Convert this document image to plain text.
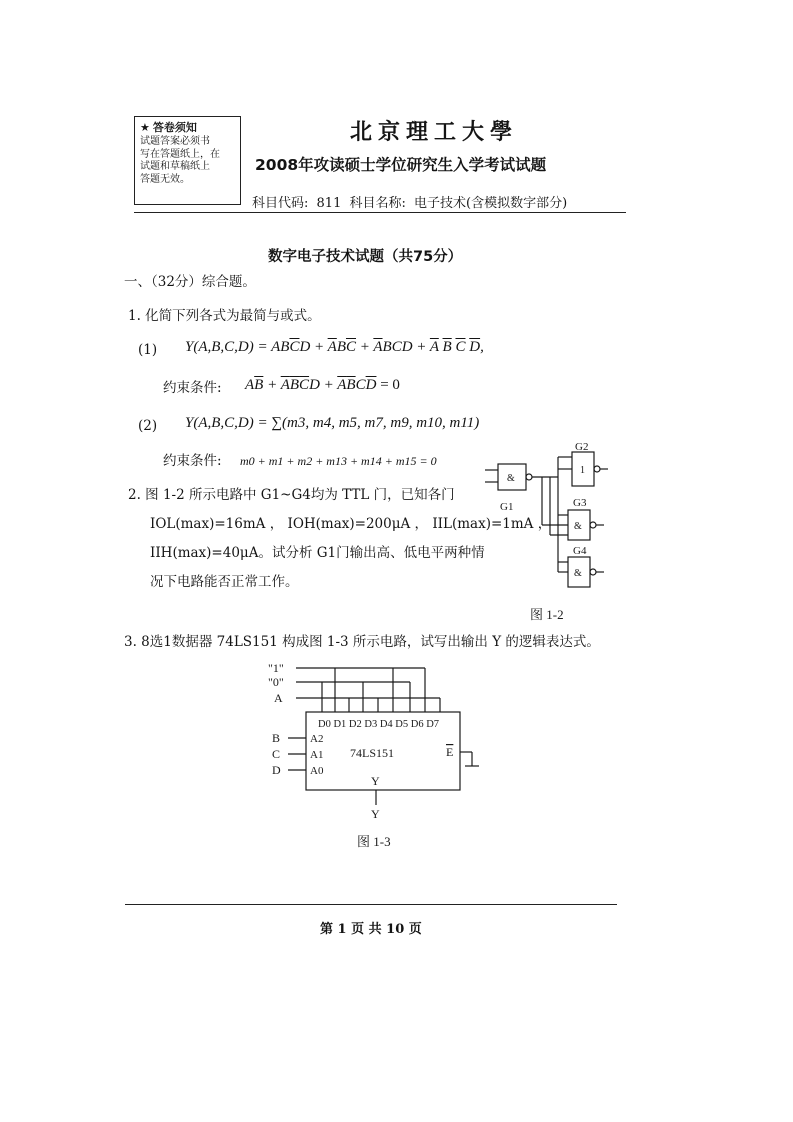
★ 答卷须知
试题答案必须书
写在答题纸上，在
试题和草稿纸上
答题无效。
北京理工大學
2008年攻读硕士学位研究生入学考试试题
科目代码: 811 科目名称: 电子技术(含模拟数字部分)
数字电子技术试题（共75分）
一、（32分）综合题。
1. 化简下列各式为最简与或式。
(1) $Y(A,B,C,D) = AB\overline{C}D + \overline{A}B\overline{C} + \overline{A}BCD + \overline{A}$ $\overline{B}$ $\overline{C}$ $\overline{D}$,
约束条件: $A\overline{B} + \overline{A}\overline{B}\overline{C}D + \overline{A}\overline{B}C\overline{D} = 0$
(2) Y(A,B,C,D) = ∑(m3, m4, m5, m7, m9, m10, m11)
约束条件: m0 + m1 + m2 + m13 + m14 + m15 = 0
2. 图 1-2 所示电路中 G1~G4均为 TTL 门，已知各门
IOL(max)=16mA ， IOH(max)=200μA ， IIL(max)=1mA ，
IIH(max)=40μA。试分析 G1门输出高、低电平两种情
况下电路能否正常工作。
&
1
&
&
G1
G2
G3
G4
图 1-2
3. 8选1数据器 74LS151 构成图 1-3 所示电路，试写出输出 Y 的逻辑表达式。
"1"
"0"
A
B
C
D
A2
A1
A0
D0 D1 D2 D3 D4 D5 D6 D7
74LS151	E
Y
Y
图 1-3
第 1 页 共 10 页
